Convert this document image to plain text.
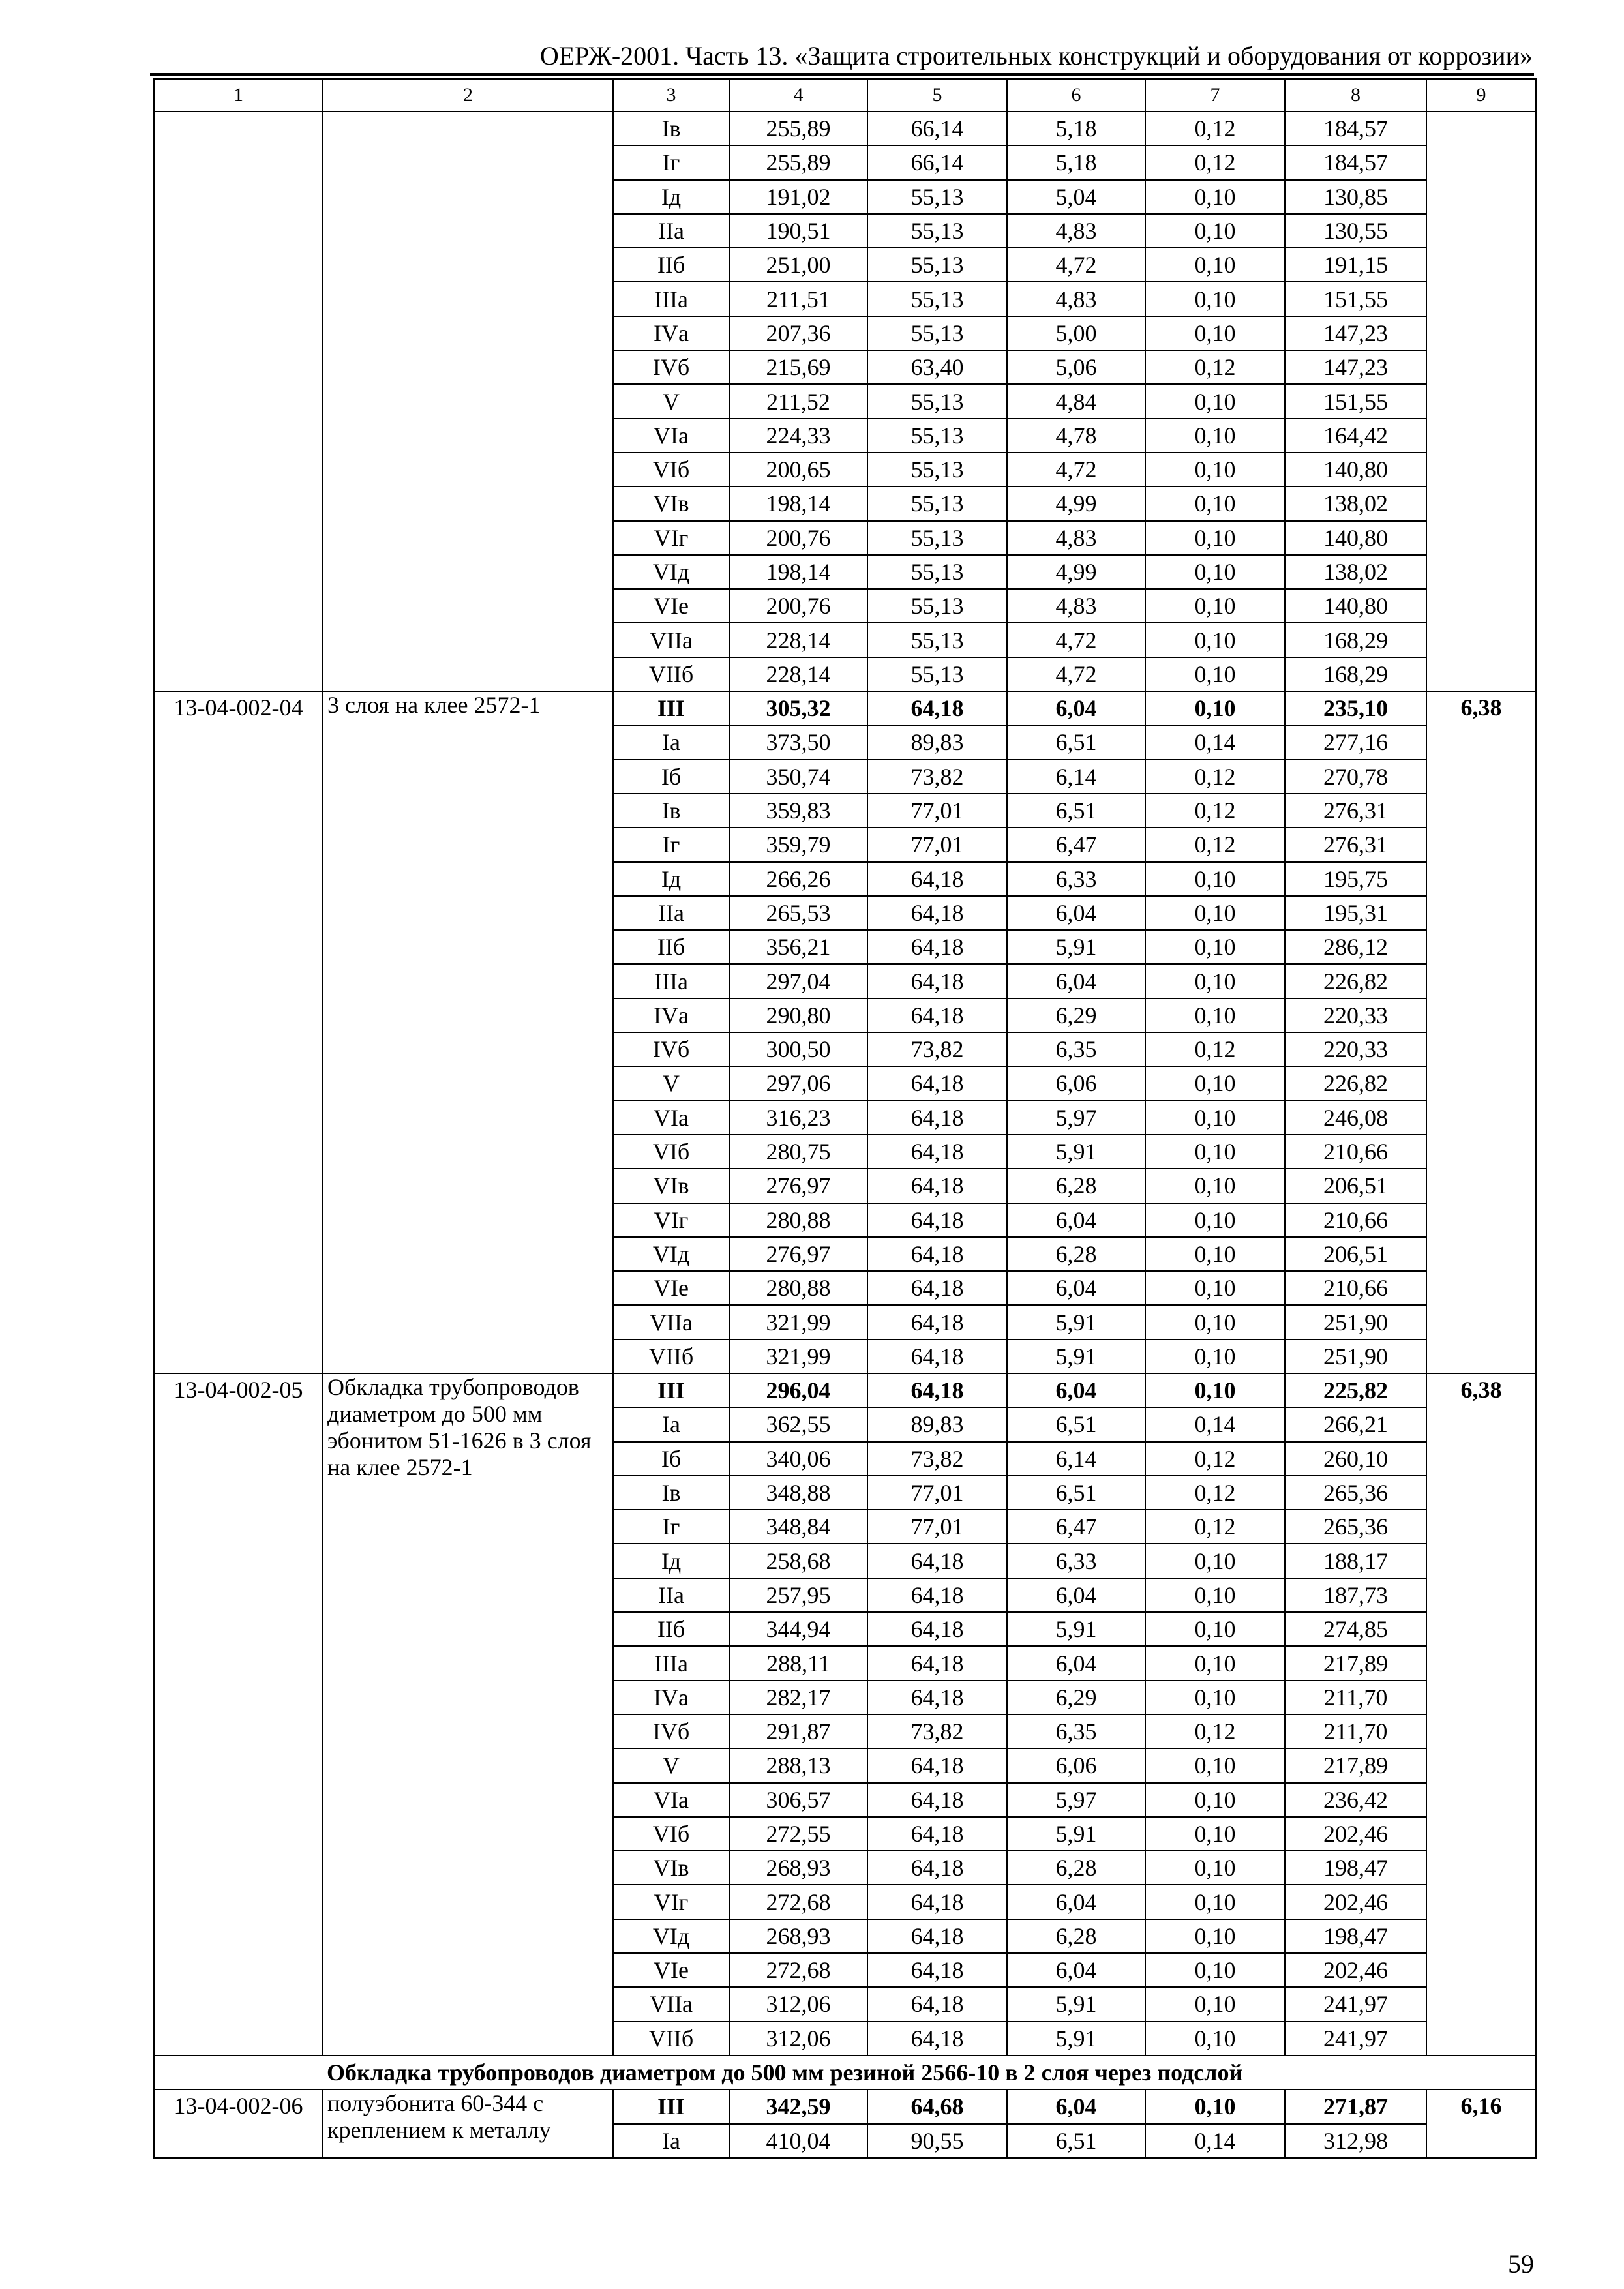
ОЕРЖ-2001. Часть 13. «Защита строительных конструкций и оборудования от коррозии»
1	2	3	4	5	6	7	8	9
		Iв	255,89	66,14	5,18	0,12	184,57	
		Iг	255,89	66,14	5,18	0,12	184,57	
		Iд	191,02	55,13	5,04	0,10	130,85	
		IIа	190,51	55,13	4,83	0,10	130,55	
		IIб	251,00	55,13	4,72	0,10	191,15	
		IIIа	211,51	55,13	4,83	0,10	151,55	
		IVа	207,36	55,13	5,00	0,10	147,23	
		IVб	215,69	63,40	5,06	0,12	147,23	
		V	211,52	55,13	4,84	0,10	151,55	
		VIа	224,33	55,13	4,78	0,10	164,42	
		VIб	200,65	55,13	4,72	0,10	140,80	
		VIв	198,14	55,13	4,99	0,10	138,02	
		VIг	200,76	55,13	4,83	0,10	140,80	
		VIд	198,14	55,13	4,99	0,10	138,02	
		VIе	200,76	55,13	4,83	0,10	140,80	
		VIIа	228,14	55,13	4,72	0,10	168,29	
		VIIб	228,14	55,13	4,72	0,10	168,29	
13-04-002-04	3 слоя на клее 2572-1	III	305,32	64,18	6,04	0,10	235,10	6,38
		Iа	373,50	89,83	6,51	0,14	277,16	
		Iб	350,74	73,82	6,14	0,12	270,78	
		Iв	359,83	77,01	6,51	0,12	276,31	
		Iг	359,79	77,01	6,47	0,12	276,31	
		Iд	266,26	64,18	6,33	0,10	195,75	
		IIа	265,53	64,18	6,04	0,10	195,31	
		IIб	356,21	64,18	5,91	0,10	286,12	
		IIIа	297,04	64,18	6,04	0,10	226,82	
		IVа	290,80	64,18	6,29	0,10	220,33	
		IVб	300,50	73,82	6,35	0,12	220,33	
		V	297,06	64,18	6,06	0,10	226,82	
		VIа	316,23	64,18	5,97	0,10	246,08	
		VIб	280,75	64,18	5,91	0,10	210,66	
		VIв	276,97	64,18	6,28	0,10	206,51	
		VIг	280,88	64,18	6,04	0,10	210,66	
		VIд	276,97	64,18	6,28	0,10	206,51	
		VIе	280,88	64,18	6,04	0,10	210,66	
		VIIа	321,99	64,18	5,91	0,10	251,90	
		VIIб	321,99	64,18	5,91	0,10	251,90	
13-04-002-05	Обкладка трубопроводов диаметром до 500 мм эбонитом 51-1626 в 3 слоя на клее 2572-1	III	296,04	64,18	6,04	0,10	225,82	6,38
		Iа	362,55	89,83	6,51	0,14	266,21	
		Iб	340,06	73,82	6,14	0,12	260,10	
		Iв	348,88	77,01	6,51	0,12	265,36	
		Iг	348,84	77,01	6,47	0,12	265,36	
		Iд	258,68	64,18	6,33	0,10	188,17	
		IIа	257,95	64,18	6,04	0,10	187,73	
		IIб	344,94	64,18	5,91	0,10	274,85	
		IIIа	288,11	64,18	6,04	0,10	217,89	
		IVа	282,17	64,18	6,29	0,10	211,70	
		IVб	291,87	73,82	6,35	0,12	211,70	
		V	288,13	64,18	6,06	0,10	217,89	
		VIа	306,57	64,18	5,97	0,10	236,42	
		VIб	272,55	64,18	5,91	0,10	202,46	
		VIв	268,93	64,18	6,28	0,10	198,47	
		VIг	272,68	64,18	6,04	0,10	202,46	
		VIд	268,93	64,18	6,28	0,10	198,47	
		VIе	272,68	64,18	6,04	0,10	202,46	
		VIIа	312,06	64,18	5,91	0,10	241,97	
		VIIб	312,06	64,18	5,91	0,10	241,97	
	Обкладка трубопроводов диаметром до 500 мм резиной 2566-10 в 2 слоя через подслой							
13-04-002-06	полуэбонита 60-344 с креплением к металлу	III	342,59	64,68	6,04	0,10	271,87	6,16
		Iа	410,04	90,55	6,51	0,14	312,98	
59
